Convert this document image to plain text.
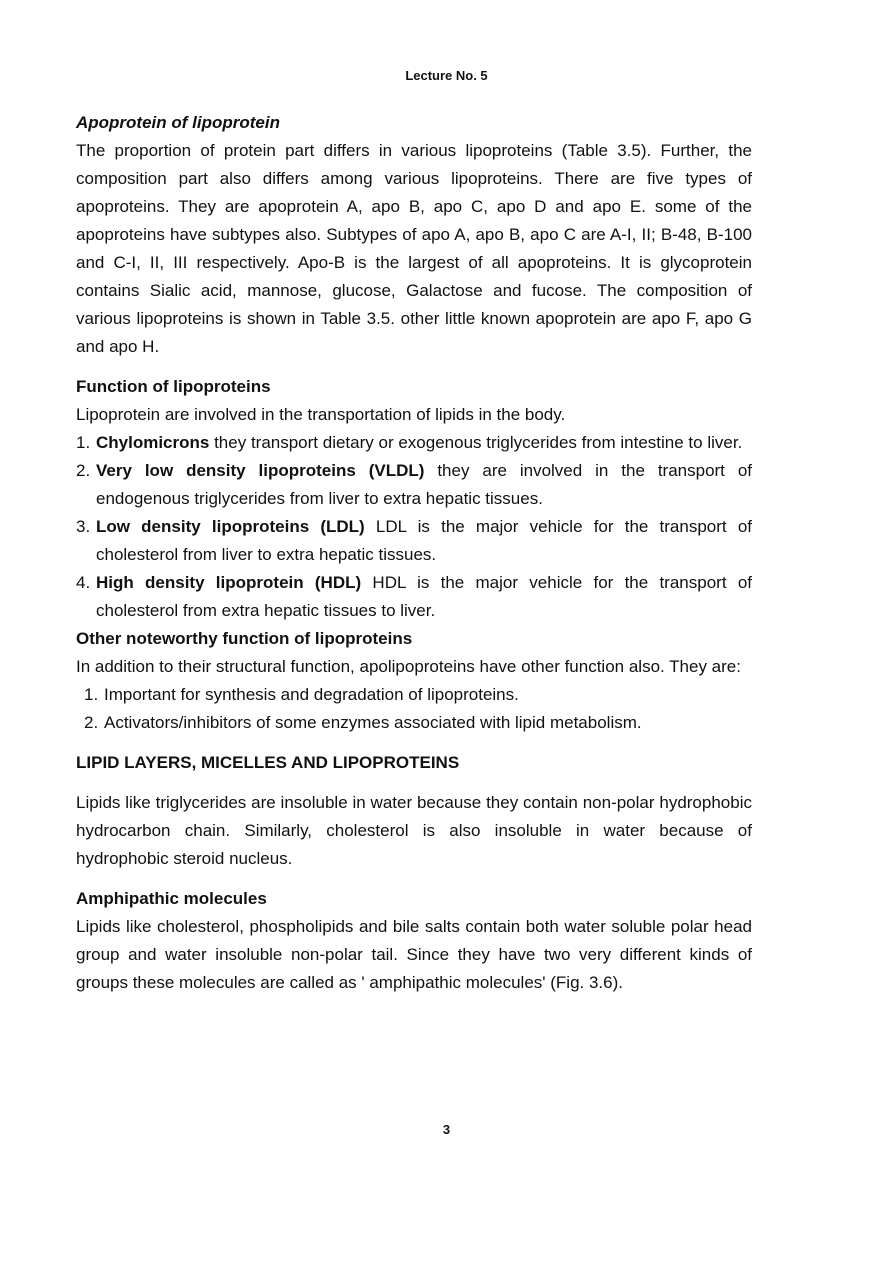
Lecture No. 5

Apoprotein of lipoprotein

The proportion of protein part differs in various lipoproteins (Table 3.5). Further, the composition part also differs among various lipoproteins. There are five types of apoproteins. They are apoprotein A, apo B, apo C, apo D and apo E. some of the apoproteins have subtypes also. Subtypes of apo A, apo B, apo C are A-I, II; B-48, B-100 and C-I, II, III respectively. Apo-B is the largest of all apoproteins. It is glycoprotein contains Sialic acid, mannose, glucose, Galactose and fucose. The composition of various lipoproteins is shown in Table 3.5. other little known apoprotein are apo F, apo G and apo H.

Function of lipoproteins

Lipoprotein are involved in the transportation of lipids in the body.

1. Chylomicrons they transport dietary or exogenous triglycerides from intestine to liver.
2. Very low density lipoproteins (VLDL) they are involved in the transport of endogenous triglycerides from liver to extra hepatic tissues.
3. Low density lipoproteins (LDL) LDL is the major vehicle for the transport of cholesterol from liver to extra hepatic tissues.
4. High density lipoprotein (HDL) HDL is the major vehicle for the transport of cholesterol from extra hepatic tissues to liver.

Other noteworthy function of lipoproteins

In addition to their structural function, apolipoproteins have other function also. They are:

1. Important for synthesis and degradation of lipoproteins.
2. Activators/inhibitors of some enzymes associated with lipid metabolism.

LIPID LAYERS, MICELLES AND LIPOPROTEINS

Lipids like triglycerides are insoluble in water because they contain non-polar hydrophobic hydrocarbon chain. Similarly, cholesterol is also insoluble in water because of hydrophobic steroid nucleus.

Amphipathic molecules

Lipids like cholesterol, phospholipids and bile salts contain both water soluble polar head group and water insoluble non-polar tail. Since they have two very different kinds of groups these molecules are called as ' amphipathic molecules' (Fig. 3.6).

3
